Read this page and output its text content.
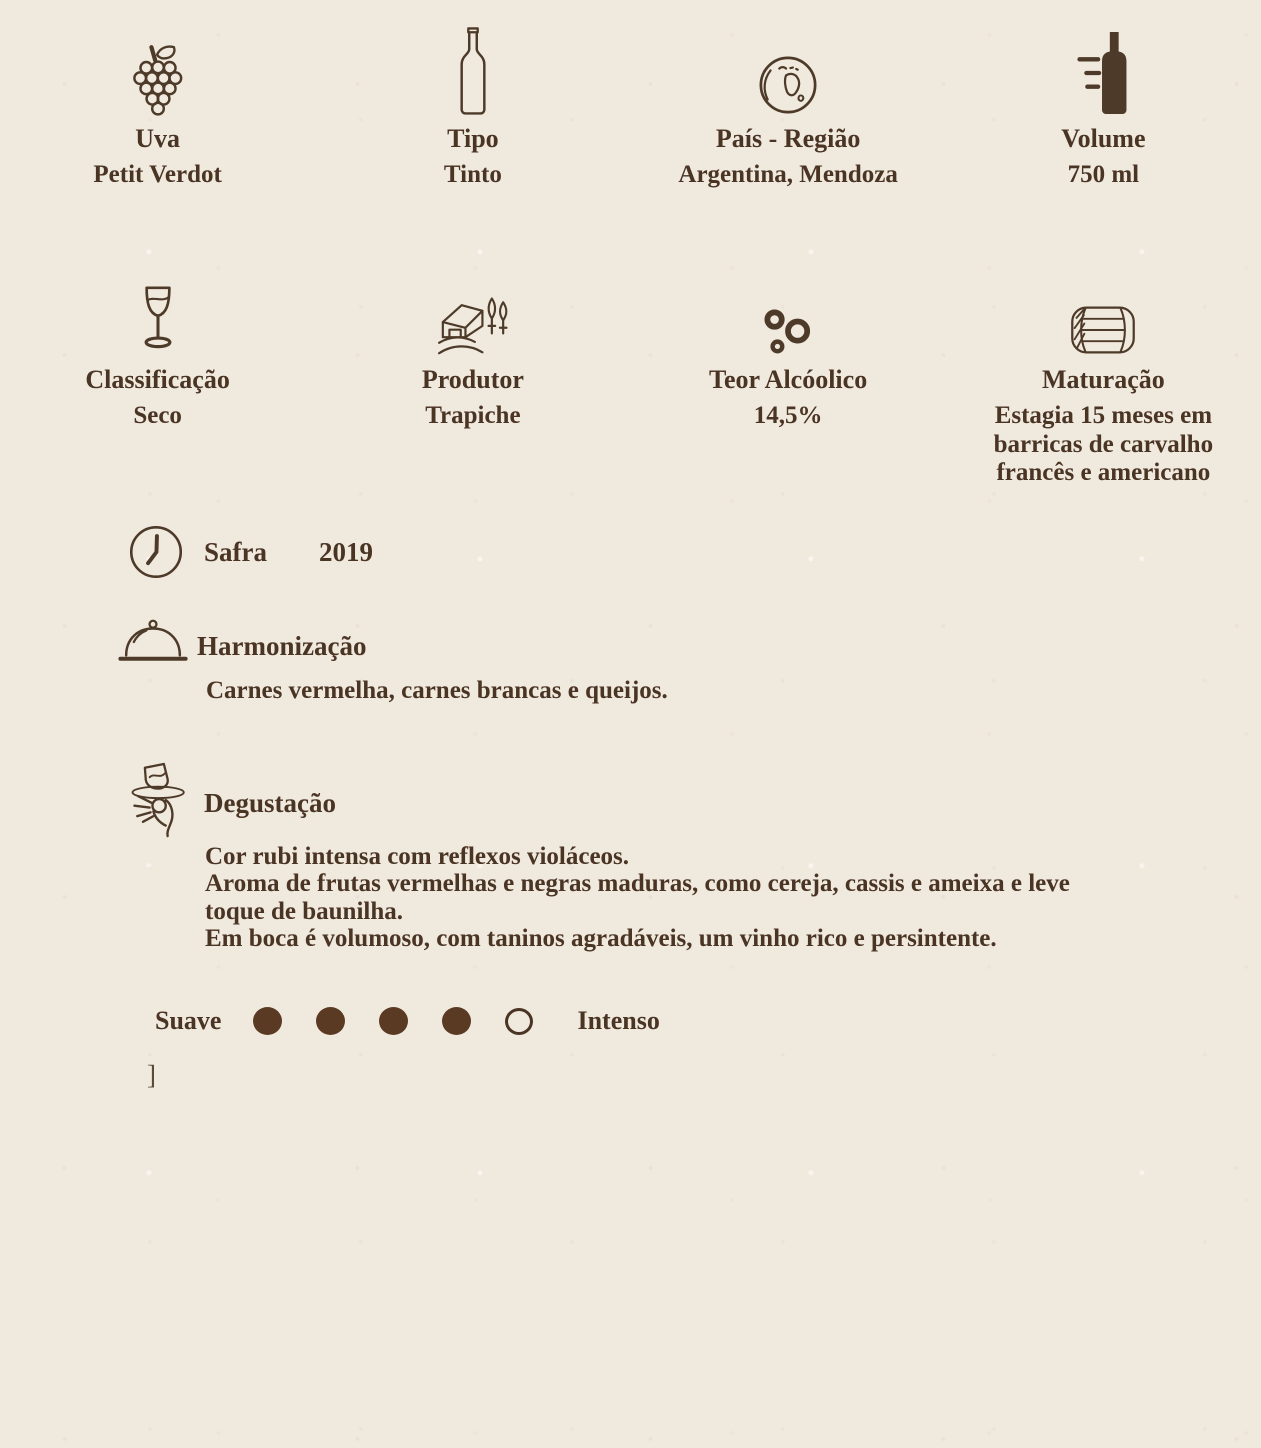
Uva
Petit Verdot
Tipo
Tinto
País - Região
Argentina, Mendoza
Volume
750 ml
Classificação
Seco
Produtor
Trapiche
Teor Alcóolico
14,5%
Maturação
Estagia 15 meses em barricas de carvalho francês e americano
Safra 2019
Harmonização
Carnes vermelha, carnes brancas e queijos.
Degustação
Cor rubi intensa com reflexos violáceos.
Aroma de frutas vermelhas e negras maduras, como cereja, cassis e ameixa e leve toque de baunilha.
Em boca é volumoso, com taninos agradáveis, um vinho rico e persintente.
Suave	Intenso
]
